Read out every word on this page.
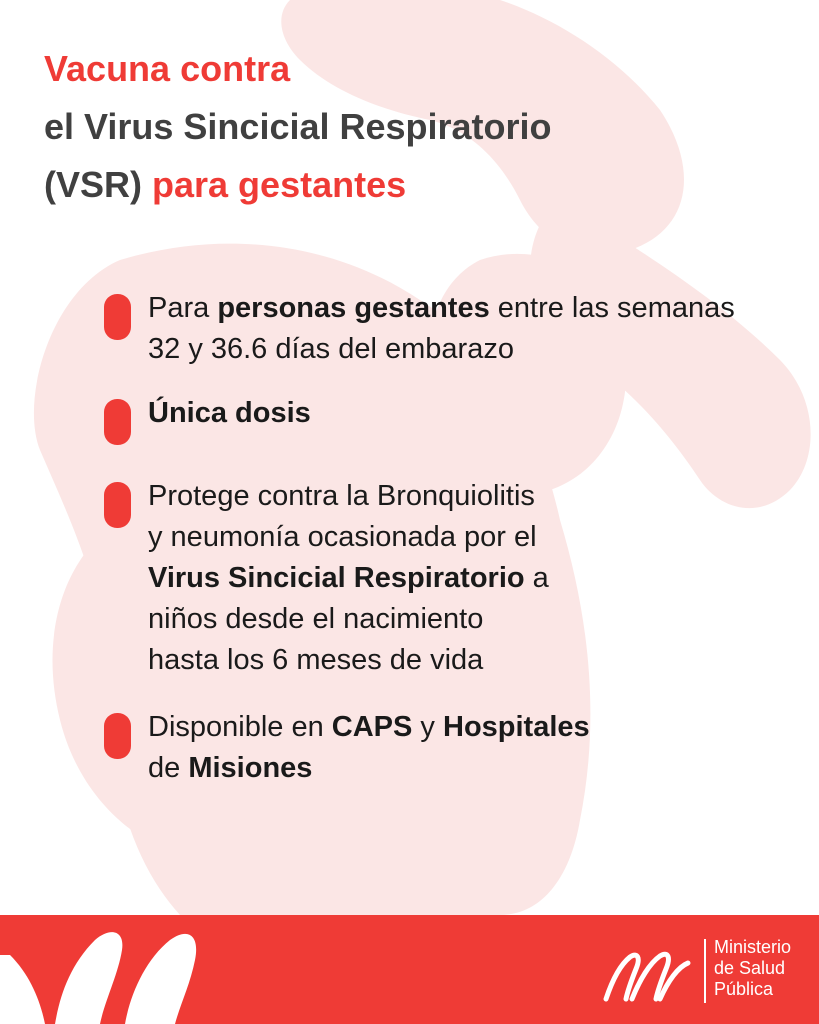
Vacuna contra
el Virus Sincicial Respiratorio
(VSR) para gestantes
Para personas gestantes entre las semanas 32 y 36.6 días del embarazo
Única dosis
Protege contra la Bronquiolitis
y neumonía ocasionada por el
Virus Sincicial Respiratorio a
niños desde el nacimiento
hasta los 6 meses de vida
Disponible en CAPS y Hospitales
de Misiones
Ministerio
de Salud
Pública
